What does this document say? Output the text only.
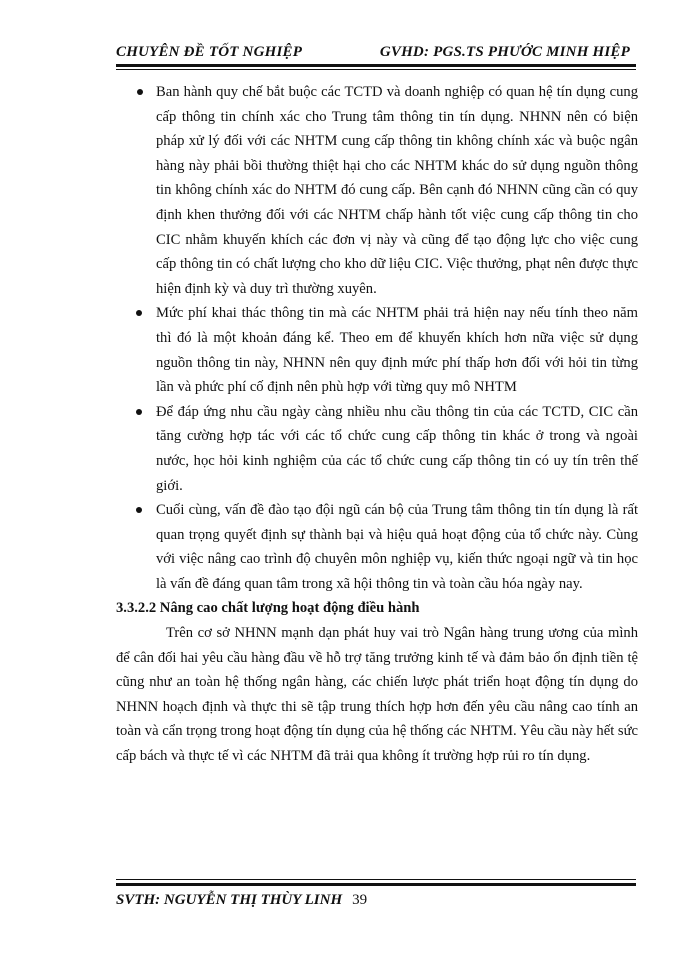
CHUYÊN ĐỀ TỐT NGHIỆP	GVHD: PGS.TS PHƯỚC MINH HIỆP
Ban hành quy chế bắt buộc các TCTD và doanh nghiệp có quan hệ tín dụng cung cấp thông tin chính xác cho Trung tâm thông tin tín dụng. NHNN nên có biện pháp xử lý đối với các NHTM cung cấp thông tin không chính xác và buộc ngân hàng này phải bồi thường thiệt hại cho các NHTM khác do sử dụng nguồn thông tin không chính xác do NHTM đó cung cấp. Bên cạnh đó NHNN cũng cần có quy định khen thưởng đối với các NHTM chấp hành tốt việc cung cấp thông tin cho CIC nhằm khuyến khích các đơn vị này và cũng để tạo động lực cho việc cung cấp thông tin có chất lượng cho kho dữ liệu CIC. Việc thưởng, phạt nên được thực hiện định kỳ và duy trì thường xuyên.
Mức phí khai thác thông tin mà các NHTM phải trả hiện nay nếu tính theo năm thì đó là một khoản đáng kể. Theo em để khuyến khích hơn nữa việc sử dụng nguồn thông tin này, NHNN nên quy định mức phí thấp hơn đối với hỏi tin từng lần và phức phí cố định nên phù hợp với từng quy mô NHTM
Để đáp ứng nhu cầu ngày càng nhiều nhu cầu thông tin của các TCTD, CIC cần tăng cường hợp tác với các tổ chức cung cấp thông tin khác ở trong và ngoài nước, học hỏi kinh nghiệm của các tổ chức cung cấp thông tin có uy tín trên thế giới.
Cuối cùng, vấn đề đào tạo đội ngũ cán bộ của Trung tâm thông tin tín dụng là rất quan trọng quyết định sự thành bại và hiệu quả hoạt động của tổ chức này. Cùng với việc nâng cao trình độ chuyên môn nghiệp vụ, kiến thức ngoại ngữ và tin học là vấn đề đáng quan tâm trong xã hội thông tin và toàn cầu hóa ngày nay.
3.3.2.2 Nâng cao chất lượng hoạt động điều hành
Trên cơ sở NHNN mạnh dạn phát huy vai trò Ngân hàng trung ương của mình để cân đối hai yêu cầu hàng đầu về hỗ trợ tăng trưởng kinh tế và đảm bảo ổn định tiền tệ cũng như an toàn hệ thống ngân hàng, các chiến lược phát triển hoạt động tín dụng do NHNN hoạch định và thực thi sẽ tập trung thích hợp hơn đến yêu cầu nâng cao tính an toàn và cẩn trọng trong hoạt động tín dụng của hệ thống các NHTM. Yêu cầu này hết sức cấp bách và thực tế vì các NHTM đã trải qua không ít trường hợp rủi ro tín dụng.
SVTH: NGUYỄN THỊ THÙY LINH 39
